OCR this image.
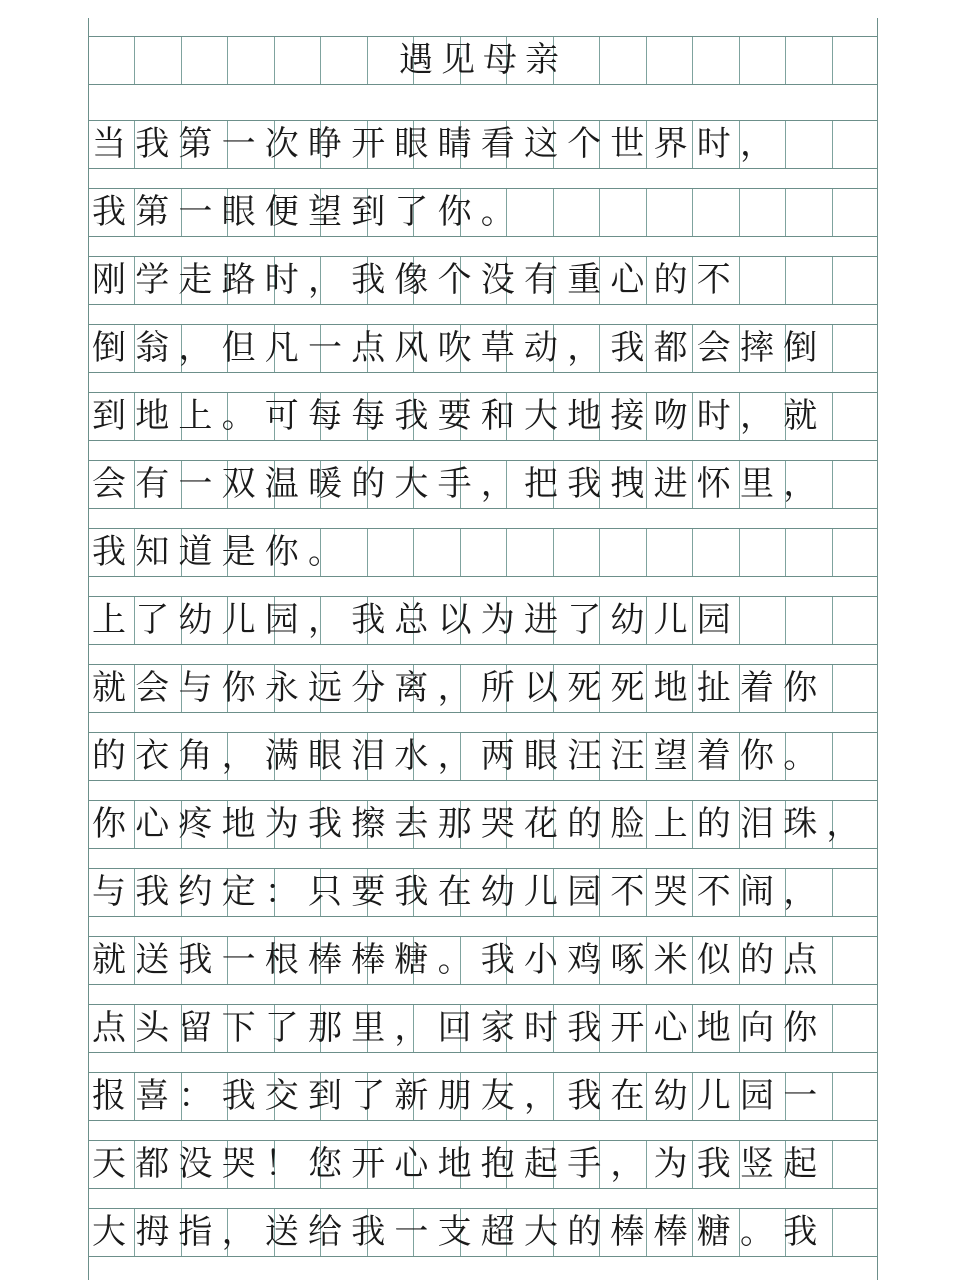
遇见母亲
当我第一次睁开眼睛看这个世界时，
我第一眼便望到了你。
刚学走路时，我像个没有重心的不
倒翁，但凡一点风吹草动，我都会摔倒
到地上。可每每我要和大地接吻时，就
会有一双温暖的大手，把我拽进怀里，
我知道是你。
上了幼儿园，我总以为进了幼儿园
就会与你永远分离，所以死死地扯着你
的衣角，满眼泪水，两眼汪汪望着你。
你心疼地为我擦去那哭花的脸上的泪珠，
与我约定：只要我在幼儿园不哭不闹，
就送我一根棒棒糖。我小鸡啄米似的点
点头留下了那里，回家时我开心地向你
报喜：我交到了新朋友，我在幼儿园一
天都没哭！您开心地抱起手，为我竖起
大拇指，送给我一支超大的棒棒糖。我
